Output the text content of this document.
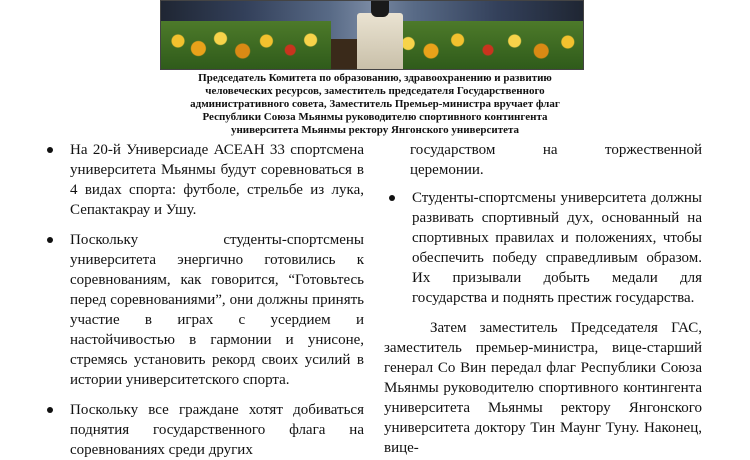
Председатель Комитета по образованию, здравоохранению и развитию
человеческих ресурсов, заместитель председателя Государственного
административного совета, Заместитель Премьер-министра вручает флаг
Республики Союза Мьянмы руководителю спортивного контингента
университета Мьянмы ректору Янгонского университета
На 20-й Универсиаде АСЕАН 33 спортсмена университета Мьянмы будут соревноваться в 4 видах спорта: футболе, стрельбе из лука, Сепактакрау и Ушу.
Поскольку студенты-спортсмены университета энергично готовились к соревнованиям, как говорится, “Готовьтесь перед соревнованиями”, они должны принять участие в играх с усердием и настойчивостью в гармонии и унисоне, стремясь установить рекорд своих усилий в истории университетского спорта.
Поскольку все граждане хотят добиваться поднятия государственного флага на соревнованиях среди других
государством на торжественной
церемонии.
Студенты-спортсмены университета должны развивать спортивный дух, основанный на спортивных правилах и положениях, чтобы обеспечить победу справедливым образом. Их призывали добыть медали для государства и поднять престиж государства.

Затем заместитель Председателя ГАС, заместитель премьер-министра, вице-старший генерал Со Вин передал флаг Республики Союза Мьянмы руководителю спортивного контингента университета Мьянмы ректору Янгонского университета доктору Тин Маунг Туну. Наконец, вице-
